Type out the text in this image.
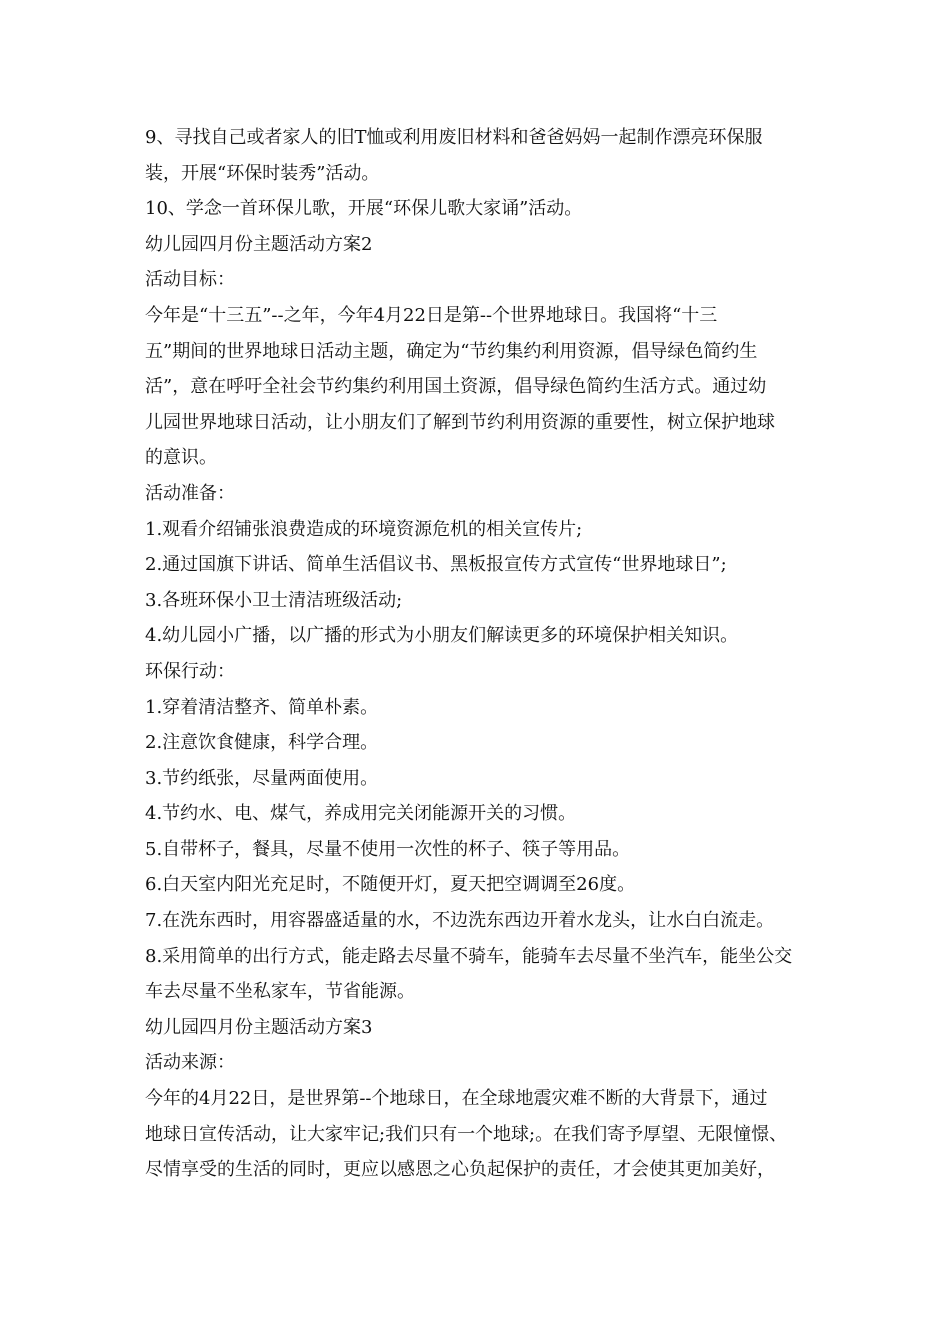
9、寻找自己或者家人的旧T恤或利用废旧材料和爸爸妈妈一起制作漂亮环保服
装，开展“环保时装秀”活动。
10、学念一首环保儿歌，开展“环保儿歌大家诵”活动。
幼儿园四月份主题活动方案2
活动目标：
今年是“十三五”--之年，今年4月22日是第--个世界地球日。我国将“十三
五”期间的世界地球日活动主题，确定为“节约集约利用资源，倡导绿色简约生
活”，意在呼吁全社会节约集约利用国土资源，倡导绿色简约生活方式。通过幼
儿园世界地球日活动，让小朋友们了解到节约利用资源的重要性，树立保护地球
的意识。
活动准备：
1.观看介绍铺张浪费造成的环境资源危机的相关宣传片;
2.通过国旗下讲话、简单生活倡议书、黑板报宣传方式宣传“世界地球日”;
3.各班环保小卫士清洁班级活动;
4.幼儿园小广播，以广播的形式为小朋友们解读更多的环境保护相关知识。
环保行动：
1.穿着清洁整齐、简单朴素。
2.注意饮食健康，科学合理。
3.节约纸张，尽量两面使用。
4.节约水、电、煤气，养成用完关闭能源开关的习惯。
5.自带杯子，餐具，尽量不使用一次性的杯子、筷子等用品。
6.白天室内阳光充足时，不随便开灯，夏天把空调调至26度。
7.在洗东西时，用容器盛适量的水，不边洗东西边开着水龙头，让水白白流走。
8.采用简单的出行方式，能走路去尽量不骑车，能骑车去尽量不坐汽车，能坐公交
车去尽量不坐私家车，节省能源。
幼儿园四月份主题活动方案3
活动来源：
今年的4月22日，是世界第--个地球日，在全球地震灾难不断的大背景下，通过
地球日宣传活动，让大家牢记;我们只有一个地球;。在我们寄予厚望、无限憧憬、
尽情享受的生活的同时，更应以感恩之心负起保护的责任，才会使其更加美好，
